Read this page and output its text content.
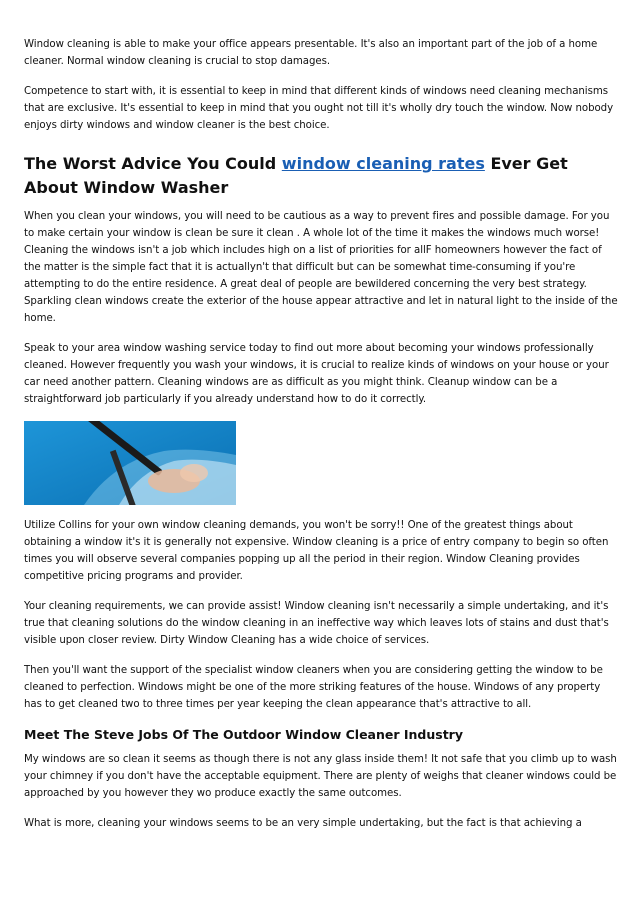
Window cleaning is able to make your office appears presentable. It's also an important part of the job of a home cleaner. Normal window cleaning is crucial to stop damages.

Competence to start with, it is essential to keep in mind that different kinds of windows need cleaning mechanisms that are exclusive. It's essential to keep in mind that you ought not till it's wholly dry touch the window. Now nobody enjoys dirty windows and window cleaner is the best choice.

The Worst Advice You Could window cleaning rates Ever Get About Window Washer

When you clean your windows, you will need to be cautious as a way to prevent fires and possible damage. For you to make certain your window is clean be sure it clean . A whole lot of the time it makes the windows much worse! Cleaning the windows isn't a job which includes high on a list of priorities for allF homeowners however the fact of the matter is the simple fact that it is actuallyn't that difficult but can be somewhat time-consuming if you're attempting to do the entire residence. A great deal of people are bewildered concerning the very best strategy. Sparkling clean windows create the exterior of the house appear attractive and let in natural light to the inside of the home.

Speak to your area window washing service today to find out more about becoming your windows professionally cleaned. However frequently you wash your windows, it is crucial to realize kinds of windows on your house or your car need another pattern. Cleaning windows are as difficult as you might think. Cleanup window can be a straightforward job particularly if you already understand how to do it correctly.

Utilize Collins for your own window cleaning demands, you won't be sorry!! One of the greatest things about obtaining a window it's it is generally not expensive. Window cleaning is a price of entry company to begin so often times you will observe several companies popping up all the period in their region. Window Cleaning provides competitive pricing programs and provider.

Your cleaning requirements, we can provide assist! Window cleaning isn't necessarily a simple undertaking, and it's true that cleaning solutions do the window cleaning in an ineffective way which leaves lots of stains and dust that's visible upon closer review. Dirty Window Cleaning has a wide choice of services.

Then you'll want the support of the specialist window cleaners when you are considering getting the window to be cleaned to perfection. Windows might be one of the more striking features of the house. Windows of any property has to get cleaned two to three times per year keeping the clean appearance that's attractive to all.

Meet The Steve Jobs Of The Outdoor Window Cleaner Industry

My windows are so clean it seems as though there is not any glass inside them! It not safe that you climb up to wash your chimney if you don't have the acceptable equipment. There are plenty of weighs that cleaner windows could be approached by you however they wo produce exactly the same outcomes.

What is more, cleaning your windows seems to be an very simple undertaking, but the fact is that achieving a
